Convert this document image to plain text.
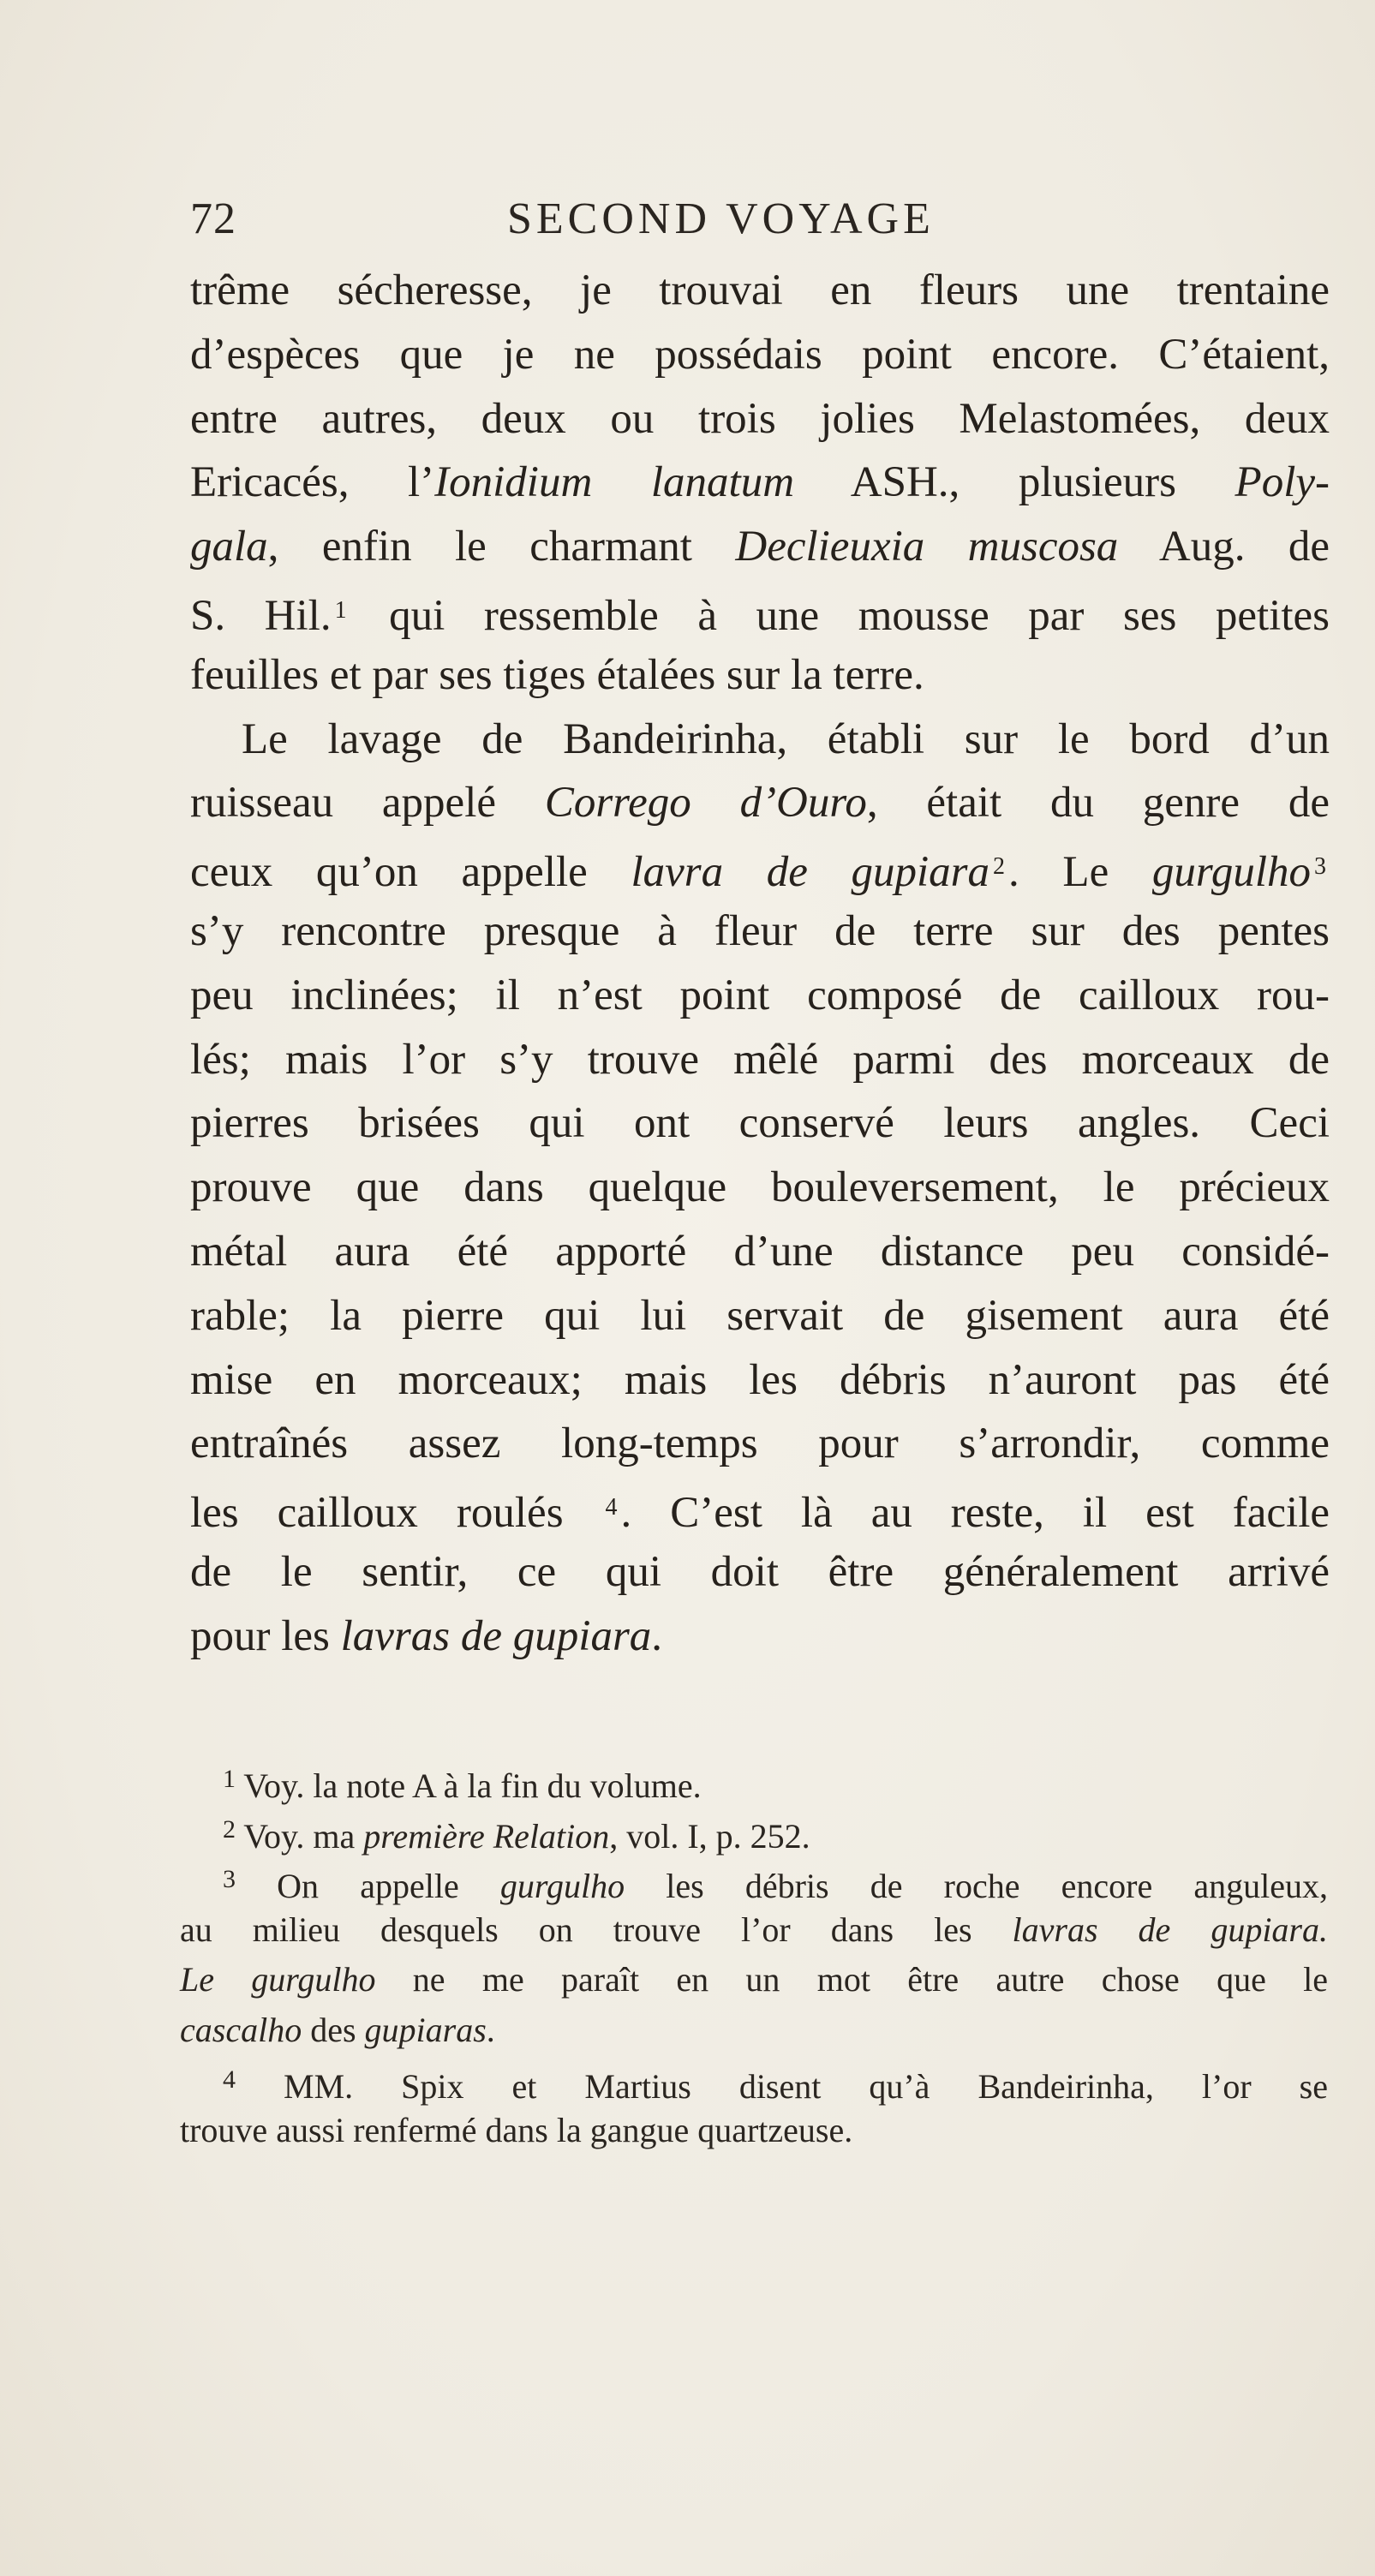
72	SECOND VOYAGE
trême sécheresse, je trouvai en fleurs une trentaine
d’espèces que je ne possédais point encore. C’étaient,
entre autres, deux ou trois jolies Melastomées, deux
Ericacés, l’Ionidium lanatum ASH., plusieurs Poly-
gala, enfin le charmant Declieuxia muscosa Aug. de
S. Hil. $^1$ qui ressemble à une mousse par ses petites
feuilles et par ses tiges étalées sur la terre.
Le lavage de Bandeirinha, établi sur le bord d’un
ruisseau appelé Corrego d’Ouro, était du genre de
ceux qu’on appelle lavra de gupiara $^2$. Le gurgulho $^3$
s’y rencontre presque à fleur de terre sur des pentes
peu inclinées; il n’est point composé de cailloux rou-
lés; mais l’or s’y trouve mêlé parmi des morceaux de
pierres brisées qui ont conservé leurs angles. Ceci
prouve que dans quelque bouleversement, le précieux
métal aura été apporté d’une distance peu considé-
rable; la pierre qui lui servait de gisement aura été
mise en morceaux; mais les débris n’auront pas été
entraînés assez long-temps pour s’arrondir, comme
les cailloux roulés $^4$. C’est là au reste, il est facile
de le sentir, ce qui doit être généralement arrivé
pour les lavras de gupiara.
$^1$ Voy. la note A à la fin du volume.
$^2$ Voy. ma première Relation, vol. I, p. 252.
$^3$ On appelle gurgulho les débris de roche encore anguleux,
au milieu desquels on trouve l’or dans les lavras de gupiara.
Le gurgulho ne me paraît en un mot être autre chose que le
cascalho des gupiaras.
$^4$ MM. Spix et Martius disent qu’à Bandeirinha, l’or se
trouve aussi renfermé dans la gangue quartzeuse.
